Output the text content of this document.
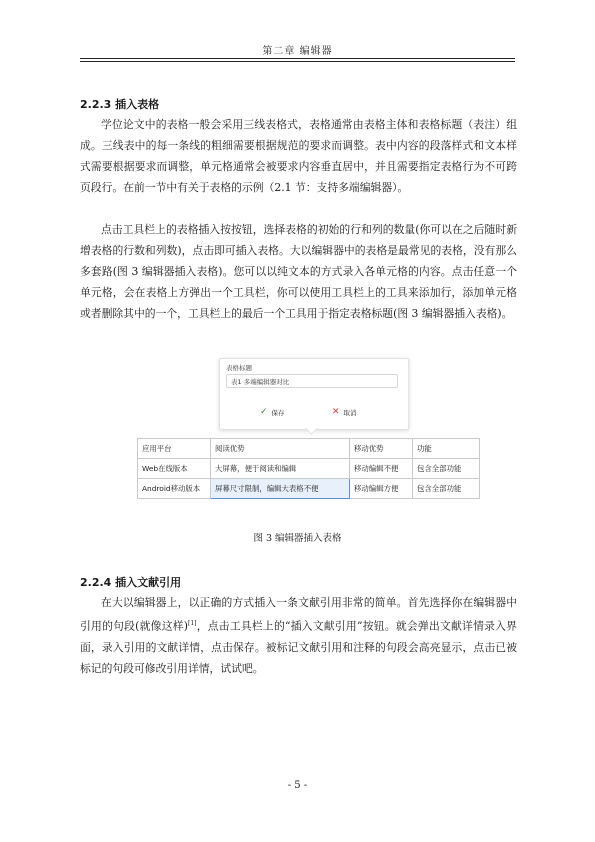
第二章 编辑器
2.2.3 插入表格
学位论文中的表格一般会采用三线表格式，表格通常由表格主体和表格标题（表注）组成。三线表中的每一条线的粗细需要根据规范的要求而调整。表中内容的段落样式和文本样式需要根据要求而调整，单元格通常会被要求内容垂直居中，并且需要指定表格行为不可跨页段行。在前一节中有关于表格的示例（2.1 节：支持多端编辑器）。
点击工具栏上的表格插入按按钮，选择表格的初始的行和列的数量(你可以在之后随时新增表格的行数和列数)，点击即可插入表格。大以编辑器中的表格是最常见的表格，没有那么多套路(图 3 编辑器插入表格)。您可以以纯文本的方式录入各单元格的内容。点击任意一个单元格，会在表格上方弹出一个工具栏，你可以使用工具栏上的工具来添加行，添加单元格或者删除其中的一个，工具栏上的最后一个工具用于指定表格标题(图 3 编辑器插入表格)。
表格标题
表1 多端编辑器对比
✓ 保存	✕ 取消
应用平台	阅读优势	移动优势	功能
Web在线版本	大屏幕，便于阅读和编辑	移动编辑不便	包含全部功能
Android移动版本	屏幕尺寸限制，编辑大表格不便	移动编辑方便	包含全部功能
图 3 编辑器插入表格
2.2.4 插入文献引用
在大以编辑器上，以正确的方式插入一条文献引用非常的简单。首先选择你在编辑器中引用的句段(就像这样)[1]，点击工具栏上的“插入文献引用”按钮。就会弹出文献详情录入界面，录入引用的文献详情，点击保存。被标记文献引用和注释的句段会高亮显示，点击已被标记的句段可修改引用详情，试试吧。
- 5 -
